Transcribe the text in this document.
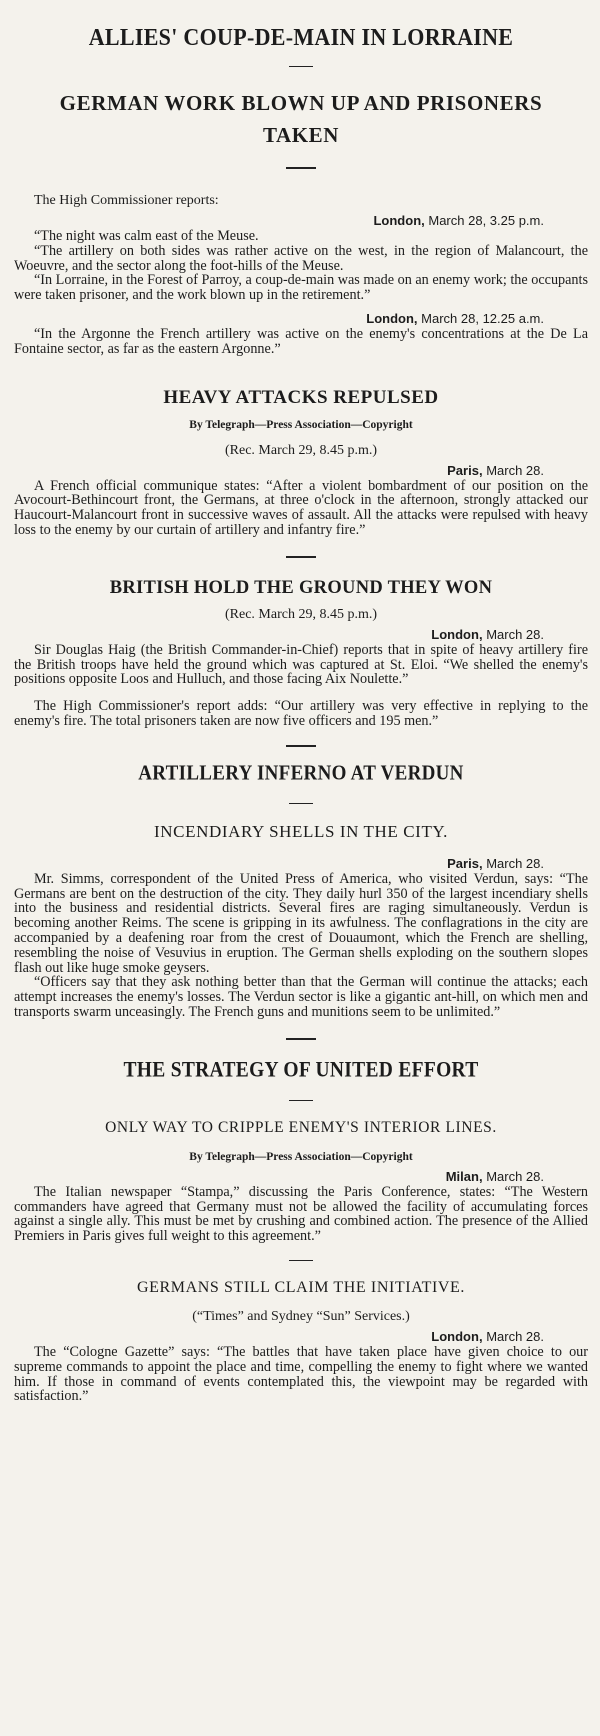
ALLIES' COUP-DE-MAIN IN LORRAINE
GERMAN WORK BLOWN UP AND PRISONERS TAKEN

The High Commissioner reports:

London, March 28, 3.25 p.m.

“The night was calm east of the Meuse.

“The artillery on both sides was rather active on the west, in the region of Malancourt, the Woeuvre, and the sector along the foot-hills of the Meuse.

“In Lorraine, in the Forest of Parroy, a coup-de-main was made on an enemy work; the occupants were taken prisoner, and the work blown up in the retirement.”

London, March 28, 12.25 a.m.

“In the Argonne the French artillery was active on the enemy's concentrations at the De La Fontaine sector, as far as the eastern Argonne.”

HEAVY ATTACKS REPULSED
By Telegraph—Press Association—Copyright
(Rec. March 29, 8.45 p.m.)
Paris, March 28.

A French official communique states: “After a violent bombardment of our position on the Avocourt-Bethincourt front, the Germans, at three o'clock in the afternoon, strongly attacked our Haucourt-Malancourt front in successive waves of assault. All the attacks were repulsed with heavy loss to the enemy by our curtain of artillery and infantry fire.”

BRITISH HOLD THE GROUND THEY WON
(Rec. March 29, 8.45 p.m.)
London, March 28.

Sir Douglas Haig (the British Commander-in-Chief) reports that in spite of heavy artillery fire the British troops have held the ground which was captured at St. Eloi. “We shelled the enemy's positions opposite Loos and Hulluch, and those facing Aix Noulette.”

The High Commissioner's report adds: “Our artillery was very effective in replying to the enemy's fire. The total prisoners taken are now five officers and 195 men.”

ARTILLERY INFERNO AT VERDUN
INCENDIARY SHELLS IN THE CITY.
Paris, March 28.

Mr. Simms, correspondent of the United Press of America, who visited Verdun, says: “The Germans are bent on the destruction of the city. They daily hurl 350 of the largest incendiary shells into the business and residential districts. Several fires are raging simultaneously. Verdun is becoming another Reims. The scene is gripping in its awfulness. The conflagrations in the city are accompanied by a deafening roar from the crest of Douaumont, which the French are shelling, resembling the noise of Vesuvius in eruption. The German shells exploding on the southern slopes flash out like huge smoke geysers.

“Officers say that they ask nothing better than that the German will continue the attacks; each attempt increases the enemy's losses. The Verdun sector is like a gigantic ant-hill, on which men and transports swarm unceasingly. The French guns and munitions seem to be unlimited.”

THE STRATEGY OF UNITED EFFORT
ONLY WAY TO CRIPPLE ENEMY'S INTERIOR LINES.
By Telegraph—Press Association—Copyright
Milan, March 28.

The Italian newspaper “Stampa,” discussing the Paris Conference, states: “The Western commanders have agreed that Germany must not be allowed the facility of accumulating forces against a single ally. This must be met by crushing and combined action. The presence of the Allied Premiers in Paris gives full weight to this agreement.”

GERMANS STILL CLAIM THE INITIATIVE.
(“Times” and Sydney “Sun” Services.)
London, March 28.

The “Cologne Gazette” says: “The battles that have taken place have given choice to our supreme commands to appoint the place and time, compelling the enemy to fight where we wanted him. If those in command of events contemplated this, the viewpoint may be regarded with satisfaction.”
